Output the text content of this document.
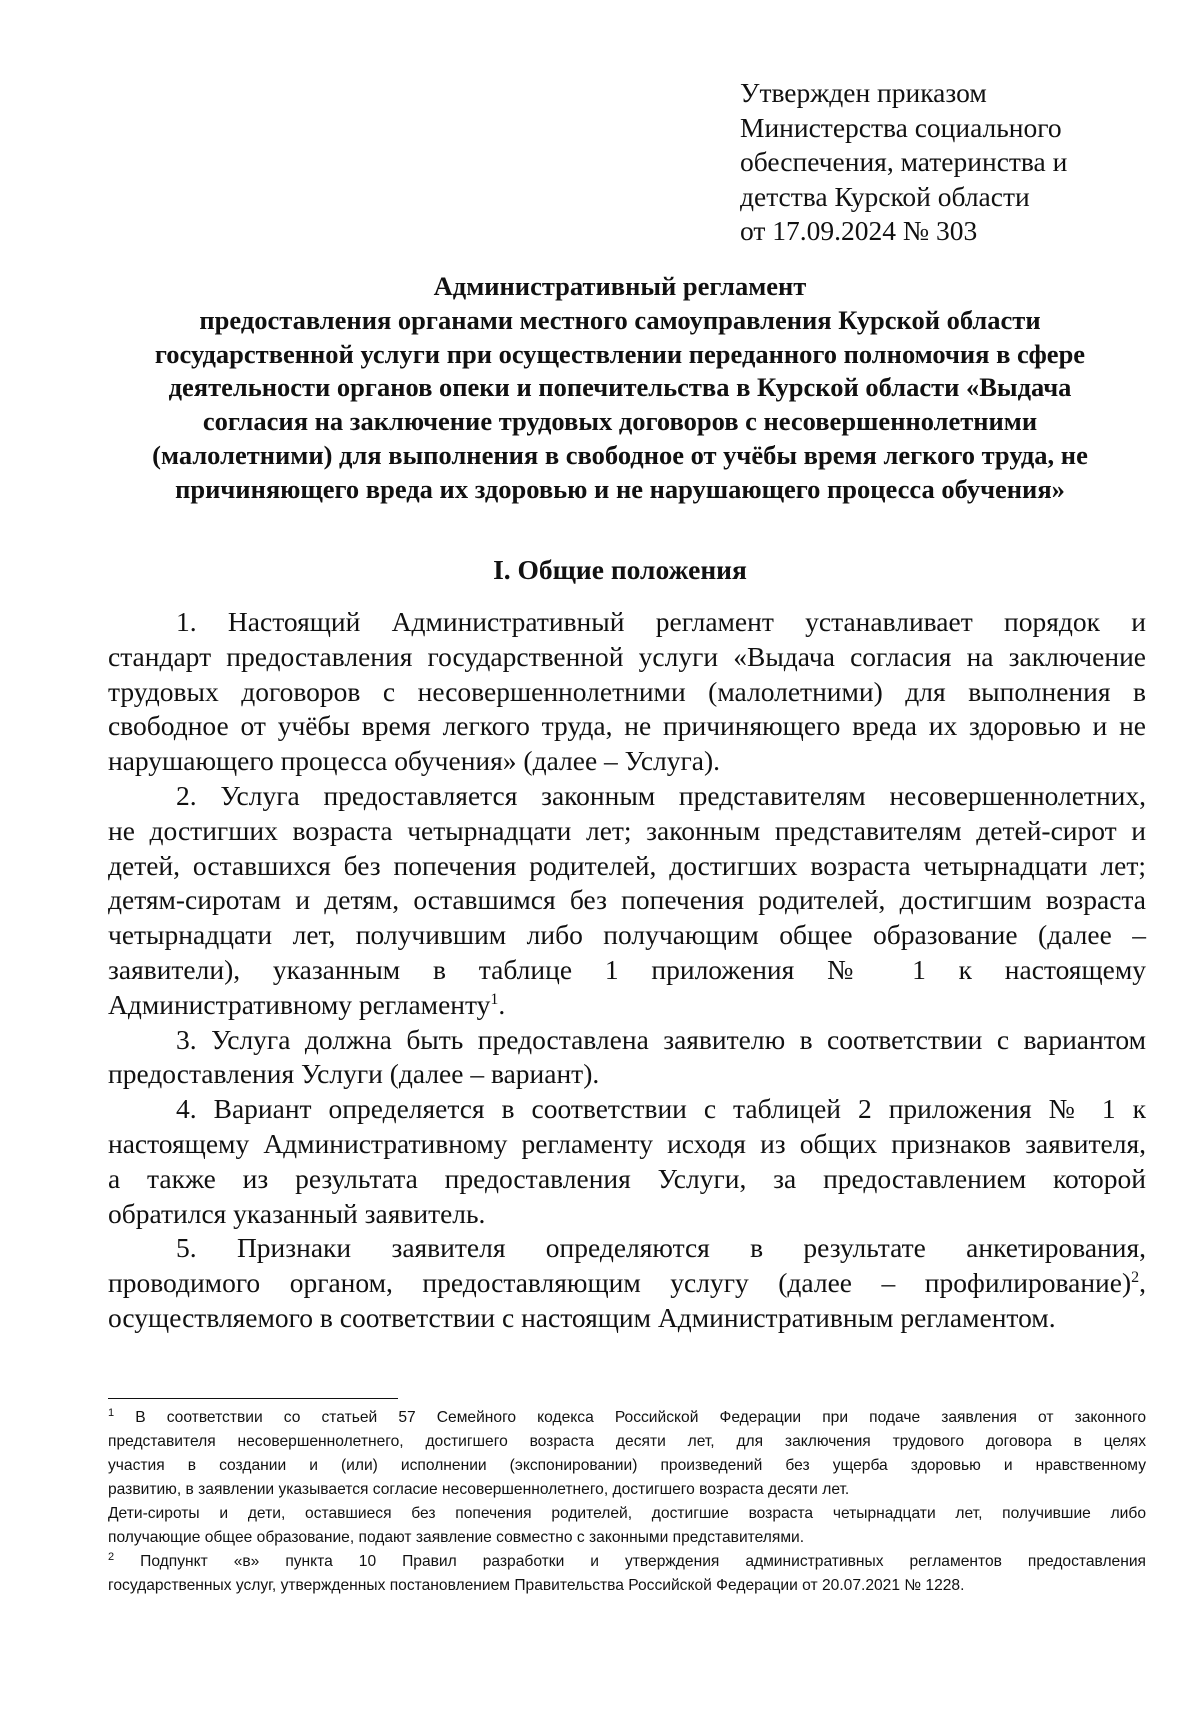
Утвержден приказом
Министерства социального
обеспечения, материнства и
детства Курской области
от 17.09.2024 № 303
Административный регламент
предоставления органами местного самоуправления Курской области
государственной услуги при осуществлении переданного полномочия в сфере
деятельности органов опеки и попечительства в Курской области «Выдача
согласия на заключение трудовых договоров с несовершеннолетними
(малолетними) для выполнения в свободное от учёбы время легкого труда, не
причиняющего вреда их здоровью и не нарушающего процесса обучения»
I. Общие положения
1. Настоящий Административный регламент устанавливает порядок и
стандарт предоставления государственной услуги «Выдача согласия на заключение
трудовых договоров с несовершеннолетними (малолетними) для выполнения в
свободное от учёбы время легкого труда, не причиняющего вреда их здоровью и не
нарушающего процесса обучения» (далее – Услуга).
2. Услуга предоставляется законным представителям несовершеннолетних,
не достигших возраста четырнадцати лет; законным представителям детей-сирот и
детей, оставшихся без попечения родителей, достигших возраста четырнадцати лет;
детям-сиротам и детям, оставшимся без попечения родителей, достигшим возраста
четырнадцати лет, получившим либо получающим общее образование (далее –
заявители), указанным в таблице 1 приложения № 1 к настоящему
Административному регламенту$^1$.
3. Услуга должна быть предоставлена заявителю в соответствии с вариантом
предоставления Услуги (далее – вариант).
4. Вариант определяется в соответствии с таблицей 2 приложения № 1 к
настоящему Административному регламенту исходя из общих признаков заявителя,
а также из результата предоставления Услуги, за предоставлением которой
обратился указанный заявитель.
5. Признаки заявителя определяются в результате анкетирования,
проводимого органом, предоставляющим услугу (далее – профилирование)$^2$,
осуществляемого в соответствии с настоящим Административным регламентом.
$^1$ В соответствии со статьей 57 Семейного кодекса Российской Федерации при подаче заявления от законного
представителя несовершеннолетнего, достигшего возраста десяти лет, для заключения трудового договора в целях
участия в создании и (или) исполнении (экспонировании) произведений без ущерба здоровью и нравственному
развитию, в заявлении указывается согласие несовершеннолетнего, достигшего возраста десяти лет.
Дети-сироты и дети, оставшиеся без попечения родителей, достигшие возраста четырнадцати лет, получившие либо
получающие общее образование, подают заявление совместно с законными представителями.
$^2$ Подпункт «в» пункта 10 Правил разработки и утверждения административных регламентов предоставления
государственных услуг, утвержденных постановлением Правительства Российской Федерации от 20.07.2021 № 1228.
